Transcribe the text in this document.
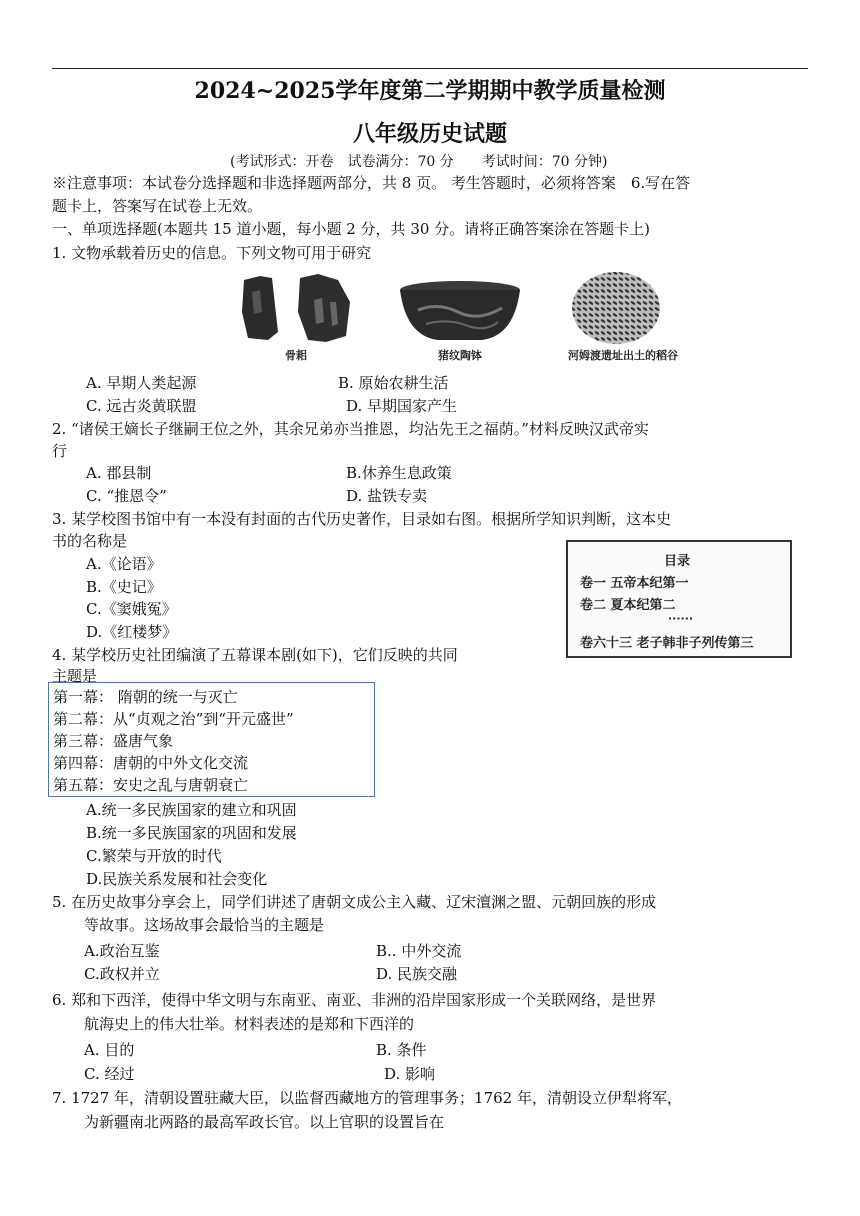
2024~2025学年度第二学期期中教学质量检测
八年级历史试题
(考试形式：开卷　试卷满分：70 分　　考试时间：70 分钟)
※注意事项：本试卷分选择题和非选择题两部分，共 8 页。 考生答题时，必须将答案　6.写在答
题卡上，答案写在试卷上无效。
一、单项选择题(本题共 15 道小题，每小题 2 分，共 30 分。请将正确答案涂在答题卡上)
1. 文物承载着历史的信息。下列文物可用于研究
骨耜	猪纹陶钵	河姆渡遗址出土的稻谷
A. 早期人类起源	B. 原始农耕生活
C. 远古炎黄联盟	D. 早期国家产生
2. “诸侯王嫡长子继嗣王位之外，其余兄弟亦当推恩，均沾先王之福荫。”材料反映汉武帝实
行
A. 郡县制	B.休养生息政策
C. “推恩令”	D. 盐铁专卖
3. 某学校图书馆中有一本没有封面的古代历史著作，目录如右图。根据所学知识判断，这本史
书的名称是
A.《论语》
B.《史记》
C.《窦娥冤》
D.《红楼梦》
目录
卷一 五帝本纪第一
卷二 夏本纪第二
······
卷六十三 老子韩非子列传第三
4. 某学校历史社团编演了五幕课本剧(如下)，它们反映的共同
主题是
第一幕： 隋朝的统一与灭亡
第二幕：从“贞观之治”到“开元盛世”
第三幕：盛唐气象
第四幕：唐朝的中外文化交流
第五幕：安史之乱与唐朝衰亡
A.统一多民族国家的建立和巩固
B.统一多民族国家的巩固和发展
C.繁荣与开放的时代
D.民族关系发展和社会变化
5. 在历史故事分享会上，同学们讲述了唐朝文成公主入藏、辽宋澶渊之盟、元朝回族的形成
等故事。这场故事会最恰当的主题是
A.政治互鉴	B.. 中外交流
C.政权并立	D. 民族交融
6. 郑和下西洋，使得中华文明与东南亚、南亚、非洲的沿岸国家形成一个关联网络，是世界
航海史上的伟大壮举。材料表述的是郑和下西洋的
A. 目的	B. 条件
C. 经过	D. 影响
7. 1727 年，清朝设置驻藏大臣，以监督西藏地方的管理事务；1762 年，清朝设立伊犁将军，
为新疆南北两路的最高军政长官。以上官职的设置旨在
